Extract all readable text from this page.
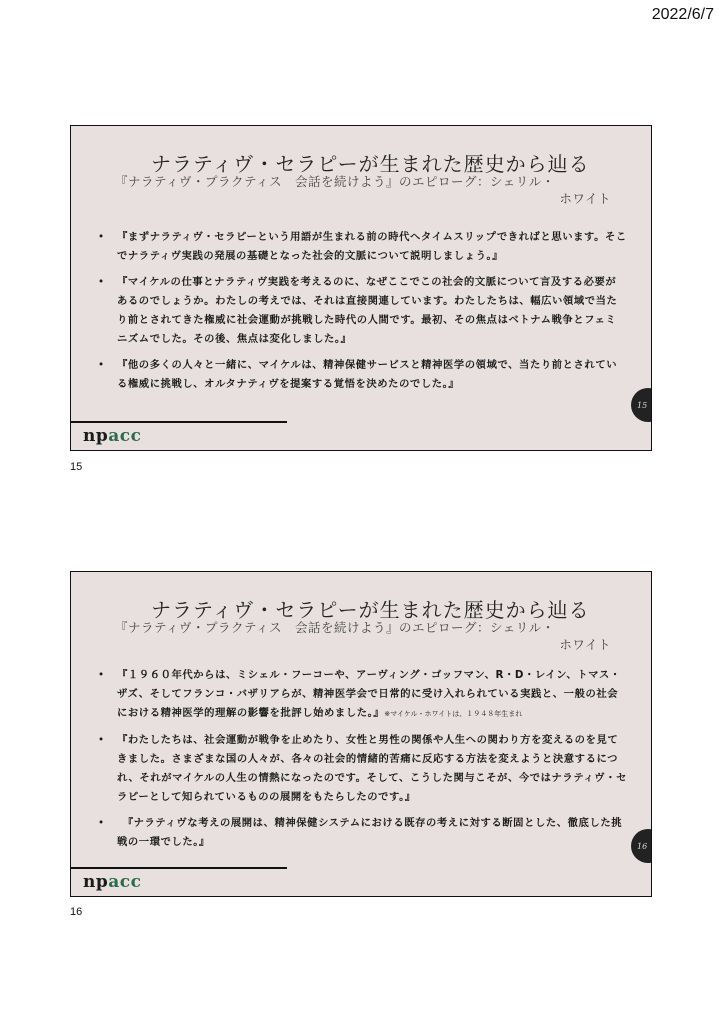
2022/6/7
ナラティヴ・セラピーが生まれた歴史から辿る
『ナラティヴ・プラクティス　会話を続けよう』のエピローグ：シェリル・
ホワイト
• 『まずナラティヴ・セラピーという用語が生まれる前の時代へタイムスリップできればと思います。そこでナラティヴ実践の発展の基礎となった社会的文脈について説明しましょう。』
• 『マイケルの仕事とナラティヴ実践を考えるのに、なぜここでこの社会的文脈について言及する必要があるのでしょうか。わたしの考えでは、それは直接関連しています。わたしたちは、幅広い領域で当たり前とされてきた権威に社会運動が挑戦した時代の人間です。最初、その焦点はベトナム戦争とフェミニズムでした。その後、焦点は変化しました。』
• 『他の多くの人々と一緒に、マイケルは、精神保健サービスと精神医学の領域で、当たり前とされている権威に挑戦し、オルタナティヴを提案する覚悟を決めたのでした。』
npacc
15
15
ナラティヴ・セラピーが生まれた歴史から辿る
『ナラティヴ・プラクティス　会話を続けよう』のエピローグ：シェリル・
ホワイト
• 『１９６０年代からは、ミシェル・フーコーや、アーヴィング・ゴッフマン、R・D・レイン、トマス・ザズ、そしてフランコ・バザリアらが、精神医学会で日常的に受け入れられている実践と、一般の社会における精神医学的理解の影響を批評し始めました。』※マイケル・ホワイトは、１９４８年生まれ
• 『わたしたちは、社会運動が戦争を止めたり、女性と男性の関係や人生への関わり方を変えるのを見てきました。さまざまな国の人々が、各々の社会的情緒的苦痛に反応する方法を変えようと決意するにつれ、それがマイケルの人生の情熱になったのです。そして、こうした関与こそが、今ではナラティヴ・セラピーとして知られているものの展開をもたらしたのです。』
• 　『ナラティヴな考えの展開は、精神保健システムにおける既存の考えに対する断固とした、徹底した挑戦の一環でした。』
npacc
16
16
